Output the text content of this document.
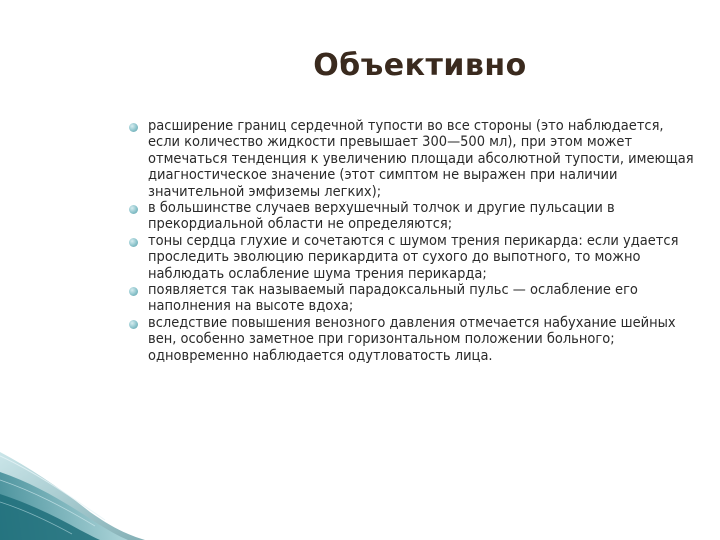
Объективно
расширение границ сердечной тупости во все стороны (это наблюдается, если количество жидкости превышает 300—500 мл), при этом может отмечаться тенденция к увеличению площади абсолютной тупости, имеющая диагностическое значение (этот симптом не выражен при наличии значительной эмфиземы легких);
в большинстве случаев верхушечный толчок и другие пульсации в прекордиальной области не определяются;
тоны сердца глухие и сочетаются с шумом трения перикарда: если удается проследить эволюцию перикардита от сухого до выпотного, то можно наблюдать ослабление шума трения перикарда;
появляется так называемый парадоксальный пульс — ослабление его наполнения на высоте вдоха;
вследствие повышения венозного давления отмечается набухание шейных вен, особенно заметное при горизонтальном положении больного; одновременно наблюдается одутловатость лица.
